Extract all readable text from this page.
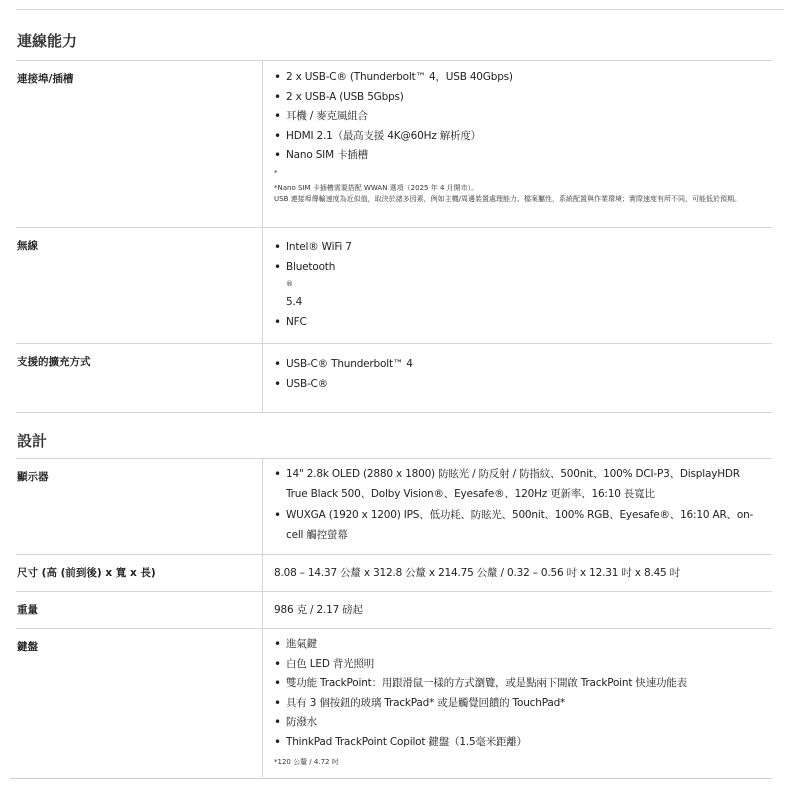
連線能力
連接埠/插槽	• 2 x USB-C® (Thunderbolt™ 4，USB 40Gbps)
• 2 x USB-A (USB 5Gbps)
• 耳機 / 麥克風組合
• HDMI 2.1（最高支援 4K@60Hz 解析度）
• Nano SIM 卡插槽
*
*Nano SIM 卡插槽需要搭配 WWAN 選項（2025 年 4 月開市）。
USB 連接埠傳輸速度為近似值，取決於諸多因素，例如主機/周邊裝置處理能力、檔案屬性，系統配置與作業環境；實際速度有所不同，可能低於預期。
無線	• Intel® WiFi 7
• Bluetooth
®
5.4
• NFC
支援的擴充方式	• USB-C® Thunderbolt™ 4
• USB-C®
設計
顯示器	• 14" 2.8k OLED (2880 x 1800) 防眩光 / 防反射 / 防指紋、500nit、100% DCI-P3、DisplayHDR True Black 500、Dolby Vision®、Eyesafe®、120Hz 更新率、16:10 長寬比
• WUXGA (1920 x 1200) IPS、低功耗、防眩光、500nit、100% RGB、Eyesafe®、16:10 AR、on-cell 觸控螢幕
尺寸 (高 (前到後) x 寬 x 長)	8.08 – 14.37 公釐 x 312.8 公釐 x 214.75 公釐 / 0.32 – 0.56 吋 x 12.31 吋 x 8.45 吋
重量	986 克 / 2.17 磅起
鍵盤	• 進氣鍵
• 白色 LED 背光照明
• 雙功能 TrackPoint：用跟滑鼠一樣的方式瀏覽，或是點兩下開啟 TrackPoint 快速功能表
• 具有 3 個按鈕的玻璃 TrackPad* 或是觸覺回饋的 TouchPad*
• 防潑水
• ThinkPad TrackPoint Copilot 鍵盤（1.5毫米距離）
*120 公釐 / 4.72 吋
